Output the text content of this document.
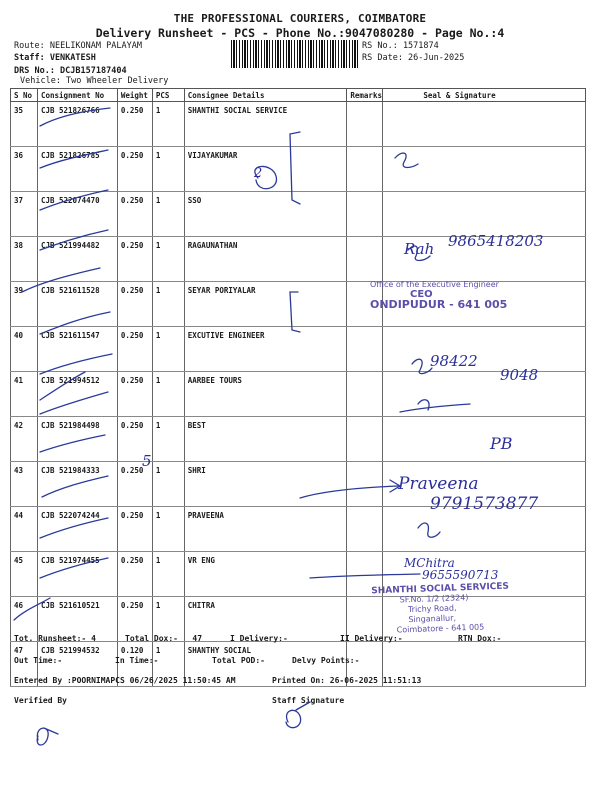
THE PROFESSIONAL COURIERS, COIMBATORE
Delivery Runsheet - PCS - Phone No.:9047080280 - Page No.:4
Route: NEELIKONAM PALAYAM
Staff: VENKATESH
DRS No.: DCJB157187404
Vehicle: Two Wheeler Delivery
RS No.: 1571874
RS Date: 26-Jun-2025
S No	Consignment No	Weight	PCS	Consignee Details	Remarks	Seal & Signature
35	CJB 521826766	0.250	1	SHANTHI SOCIAL SERVICE		
36	CJB 521826785	0.250	1	VIJAYAKUMAR		
37	CJB 522074470	0.250	1	SSO		
38	CJB 521994482	0.250	1	RAGAUNATHAN		
39	CJB 521611528	0.250	1	SEYAR PORIYALAR		
40	CJB 521611547	0.250	1	EXCUTIVE ENGINEER		
41	CJB 521994512	0.250	1	AARBEE TOURS		
42	CJB 521984498	0.250	1	BEST		
43	CJB 521984333	0.250	1	SHRI		
44	CJB 522074244	0.250	1	PRAVEENA		
45	CJB 521974455	0.250	1	VR ENG		
46	CJB 521610521	0.250	1	CHITRA		
47	CJB 521994532	0.120	1	SHANTHY SOCIAL		
Tot. Runsheet:- 4	Total Dox:-   47	I Delivery:-	II Delivery:-	RTN Dox:-
Out Time:-	In Time:-	Total POD:-	Delvy Points:-
Entered By :POORNIMAPCS 06/26/2025 11:50:45 AM	Printed On: 26-06-2025 11:51:13
Verified By	Staff Signature
2
Rah 9865418203
98422
9048
PB
5
Praveena
9791573877
MChitra
9655590713
Office of the Executive Engineer
CEO
ONDIPUDUR - 641 005
SHANTHI SOCIAL SERVICES
SF.No. 1/2 (2324)
Trichy Road,
Singanallur,
Coimbatore - 641 005
